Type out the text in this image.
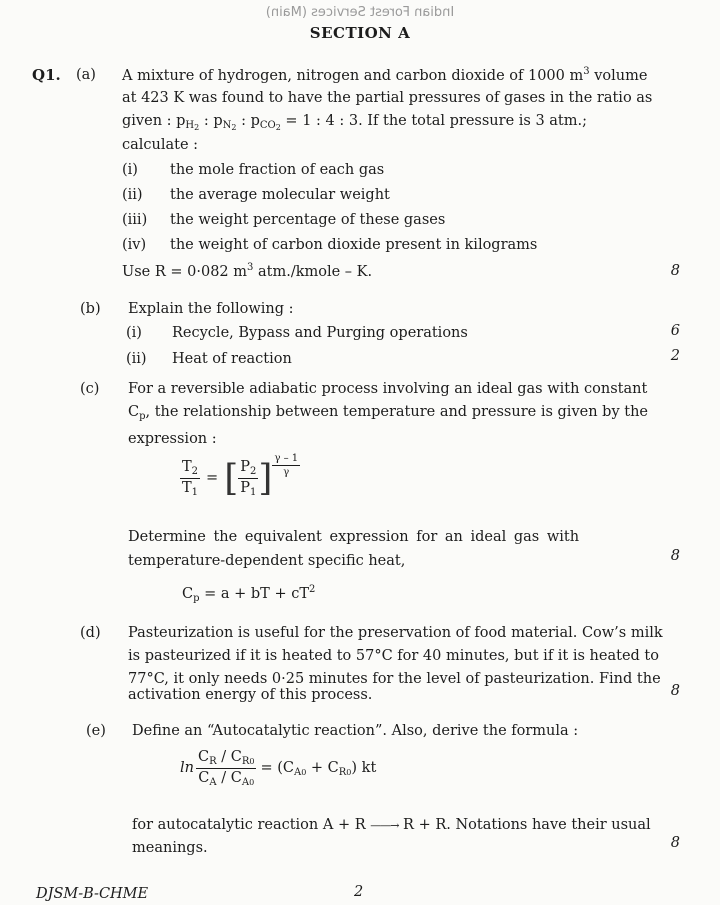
Indian Forest Services (Main)
SECTION A
Q1. (a) A mixture of hydrogen, nitrogen and carbon dioxide of 1000 $m^3$ volume
at 423 K was found to have the partial pressures of gases in the ratio as
given : $p_{H_2}$ : $p_{N_2}$ : $p_{CO_2} = 1$ : 4 : 3. If the total pressure is 3 atm.;
calculate :
(i) the mole fraction of each gas
(ii) the average molecular weight
(iii) the weight percentage of these gases
(iv) the weight of carbon dioxide present in kilograms
Use R = 0·082 $m^3$ atm./kmole – K.	8
(b) Explain the following :
(i) Recycle, Bypass and Purging operations	6
(ii) Heat of reaction	2
(c) For a reversible adiabatic process involving an ideal gas with constant
$C_p$, the relationship between temperature and pressure is given by the
expression :
$\frac{T_2}{T_1}$ = [ $\frac{P_2}{P_1}$ ] $\frac{\gamma - 1}{\gamma}$
Determine the equivalent expression for an ideal gas with
temperature-dependent specific heat,	8
$C_p = a$ + bT + $cT^2$
(d) Pasteurization is useful for the preservation of food material. Cow’s milk
is pasteurized if it is heated to 57°C for 40 minutes, but if it is heated to
77°C, it only needs 0·25 minutes for the level of pasteurization. Find the
activation energy of this process.	8
(e) Define an “Autocatalytic reaction”. Also, derive the formula :
$\ln \frac{C_R / C_{R0}}{C_A / C_{A0}} = (C_{A0} + C_{R0})$ kt
for autocatalytic reaction A + R ——→ R + R. Notations have their usual
meanings.	8
DJSM-B-CHME	2
